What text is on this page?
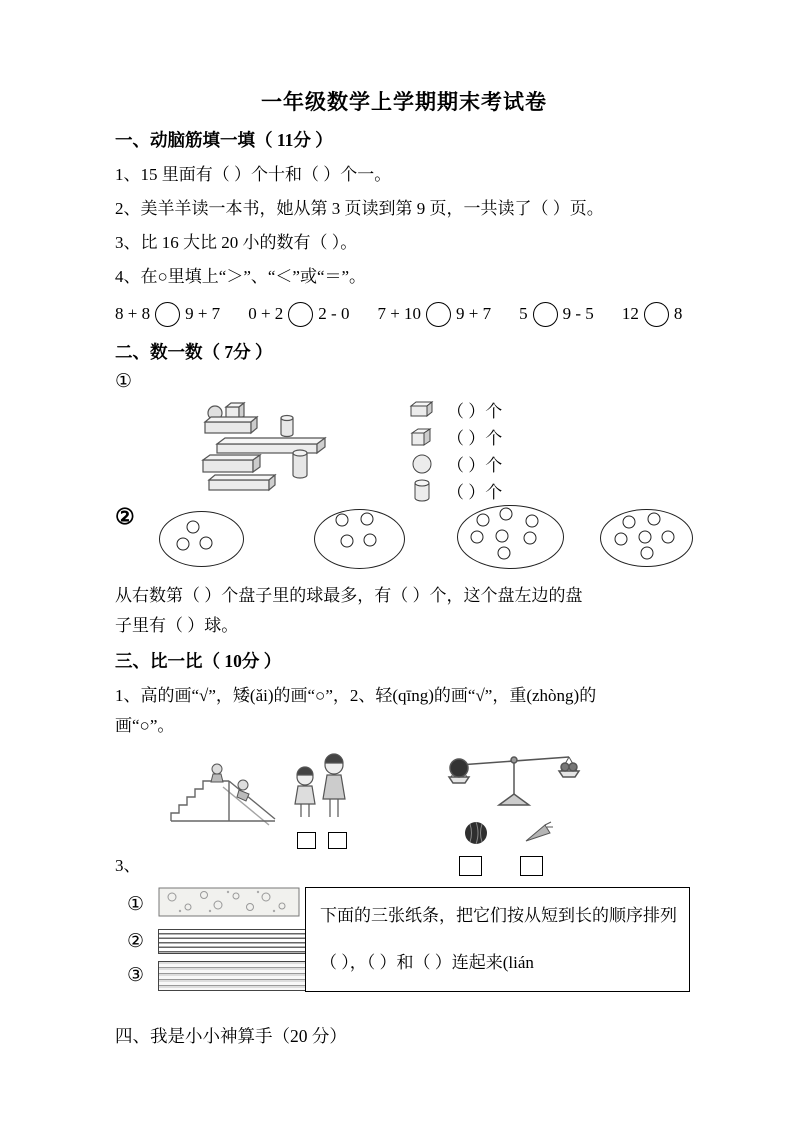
一年级数学上学期期末考试卷
一、动脑筋填一填（ 11分 ）
1、15 里面有（ ）个十和（ ）个一。
2、美羊羊读一本书，她从第 3 页读到第 9 页，一共读了（ ）页。
3、比 16 大比 20 小的数有（ ）。
4、在○里填上“＞”、“＜”或“＝”。
8 + 8 9 + 7 0 + 2 2 - 0 7 + 10 9 + 7 5 9 - 5 12 8
二、数一数（ 7分 ）
①
（ ）个
（ ）个
（ ）个
（ ）个
②
从右数第（ ）个盘子里的球最多，有（ ）个，这个盘左边的盘
子里有（ ）球。
三、比一比（ 10分 ）
1、高的画“√”，矮(ǎi)的画“○”，2、轻(qīng)的画“√”，重(zhòng)的
画“○”。
3、
①
②
③
下面的三张纸条，把它们按从短到长的顺序排列
（ ），（ ）和（ ）连起来(lián
四、我是小小神算手（20 分）
